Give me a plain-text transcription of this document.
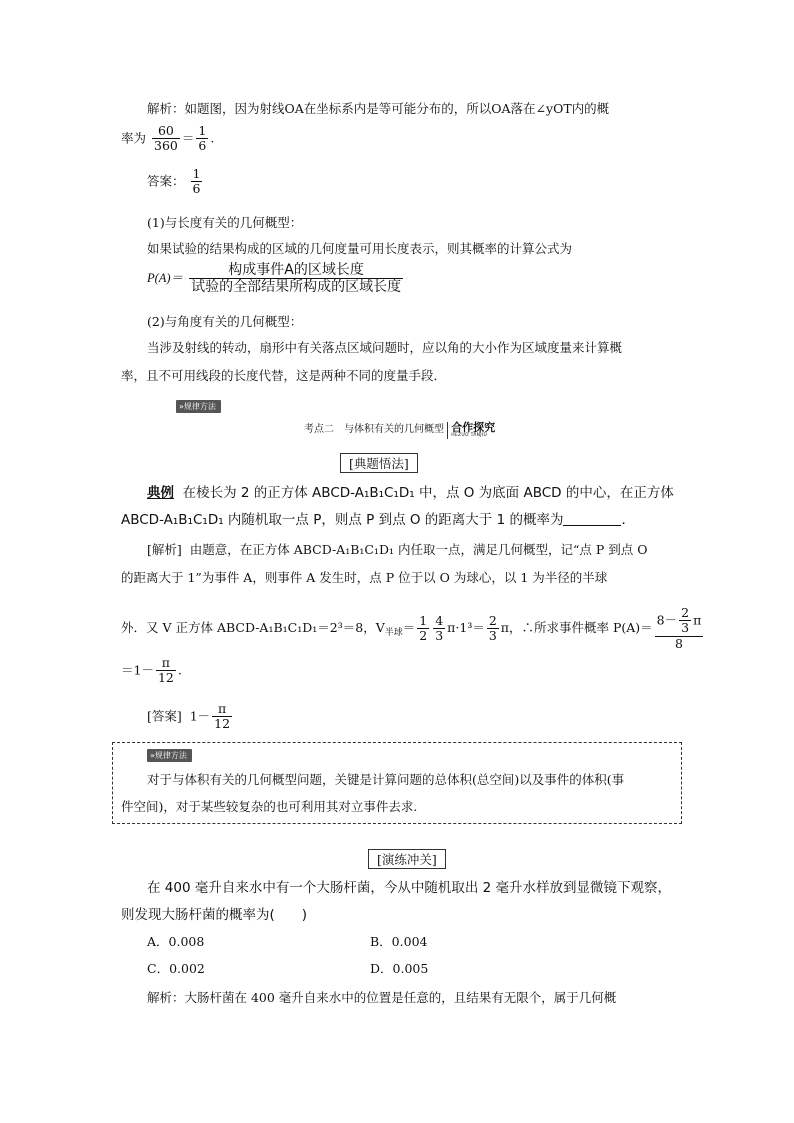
解析：如题图，因为射线OA在坐标系内是等可能分布的，所以OA落在∠yOT内的概
率为 $\frac{60}{360} = \frac{1}{6}$ .
答案： $\frac{1}{6}$
(1)与长度有关的几何概型：
如果试验的结果构成的区域的几何度量可用长度表示，则其概率的计算公式为
$P(A)= \frac{\text{构成事件A的区域长度}}{\text{试验的全部结果所构成的区域长度}}$
(2)与角度有关的几何概型：
当涉及射线的转动，扇形中有关落点区域问题时，应以角的大小作为区域度量来计算概
率，且不可用线段的长度代替，这是两种不同的度量手段．
»规律方法
考点二　与体积有关的几何概型 合作探究
HEZUO TANJIU
[典题悟法]
典例 在棱长为 2 的正方体 ABCD-A₁B₁C₁D₁ 中，点 O 为底面 ABCD 的中心，在正方体
ABCD-A₁B₁C₁D₁ 内随机取一点 P，则点 P 到点 O 的距离大于 1 的概率为	．
[解析] 由题意，在正方体 ABCD-A₁B₁C₁D₁ 内任取一点，满足几何概型，记“点 P 到点 O
的距离大于 1”为事件 A，则事件 A 发生时，点 P 位于以 O 为球心，以 1 为半径的半球
外．又 V 正方体 ABCD-A₁B₁C₁D₁＝2³＝8，$V_{半球}= \frac{1}{2} \frac{4}{3} \pi\cdot 1^3= \frac{2}{3}$ π，∴所求事件概率 $P(A)= \frac{8- \frac{2}{3} \pi}{8}$
$=1- \frac{\pi}{12}$ .
[答案] $1- \frac{\pi}{12}$
»规律方法
对于与体积有关的几何概型问题，关键是计算问题的总体积(总空间)以及事件的体积(事
件空间)，对于某些较复杂的也可利用其对立事件去求.
[演练冲关]
在 400 毫升自来水中有一个大肠杆菌，今从中随机取出 2 毫升水样放到显微镜下观察，
则发现大肠杆菌的概率为(　　)
A．0.008	B．0.004
C．0.002	D．0.005
解析：大肠杆菌在 400 毫升自来水中的位置是任意的，且结果有无限个，属于几何概
